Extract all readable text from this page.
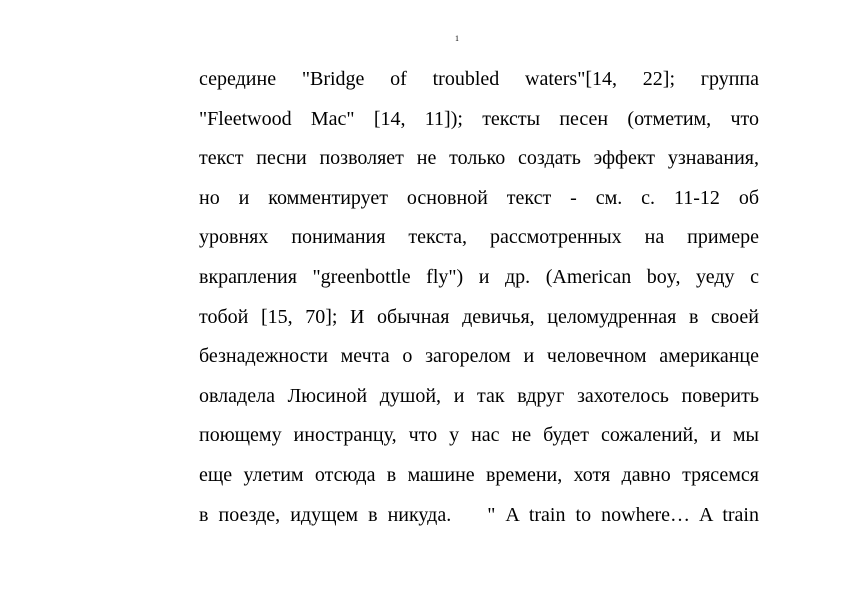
1
середине "Bridge of troubled waters"[14, 22]; группа
"Fleetwood Mac" [14, 11]); тексты песен (отметим, что
текст песни позволяет не только создать эффект узнавания,
но и комментирует основной текст - см. с. 11-12 об
уровнях понимания текста, рассмотренных на примере
вкрапления "greenbottle fly") и др. (American boy, уеду с
тобой [15, 70]; И обычная девичья, целомудренная в своей
безнадежности мечта о загорелом и человечном американце
овладела Люсиной душой, и так вдруг захотелось поверить
поющему иностранцу, что у нас не будет сожалений, и мы
еще улетим отсюда в машине времени, хотя давно трясемся
в поезде, идущем в никуда. " A train to nowhere… A train
